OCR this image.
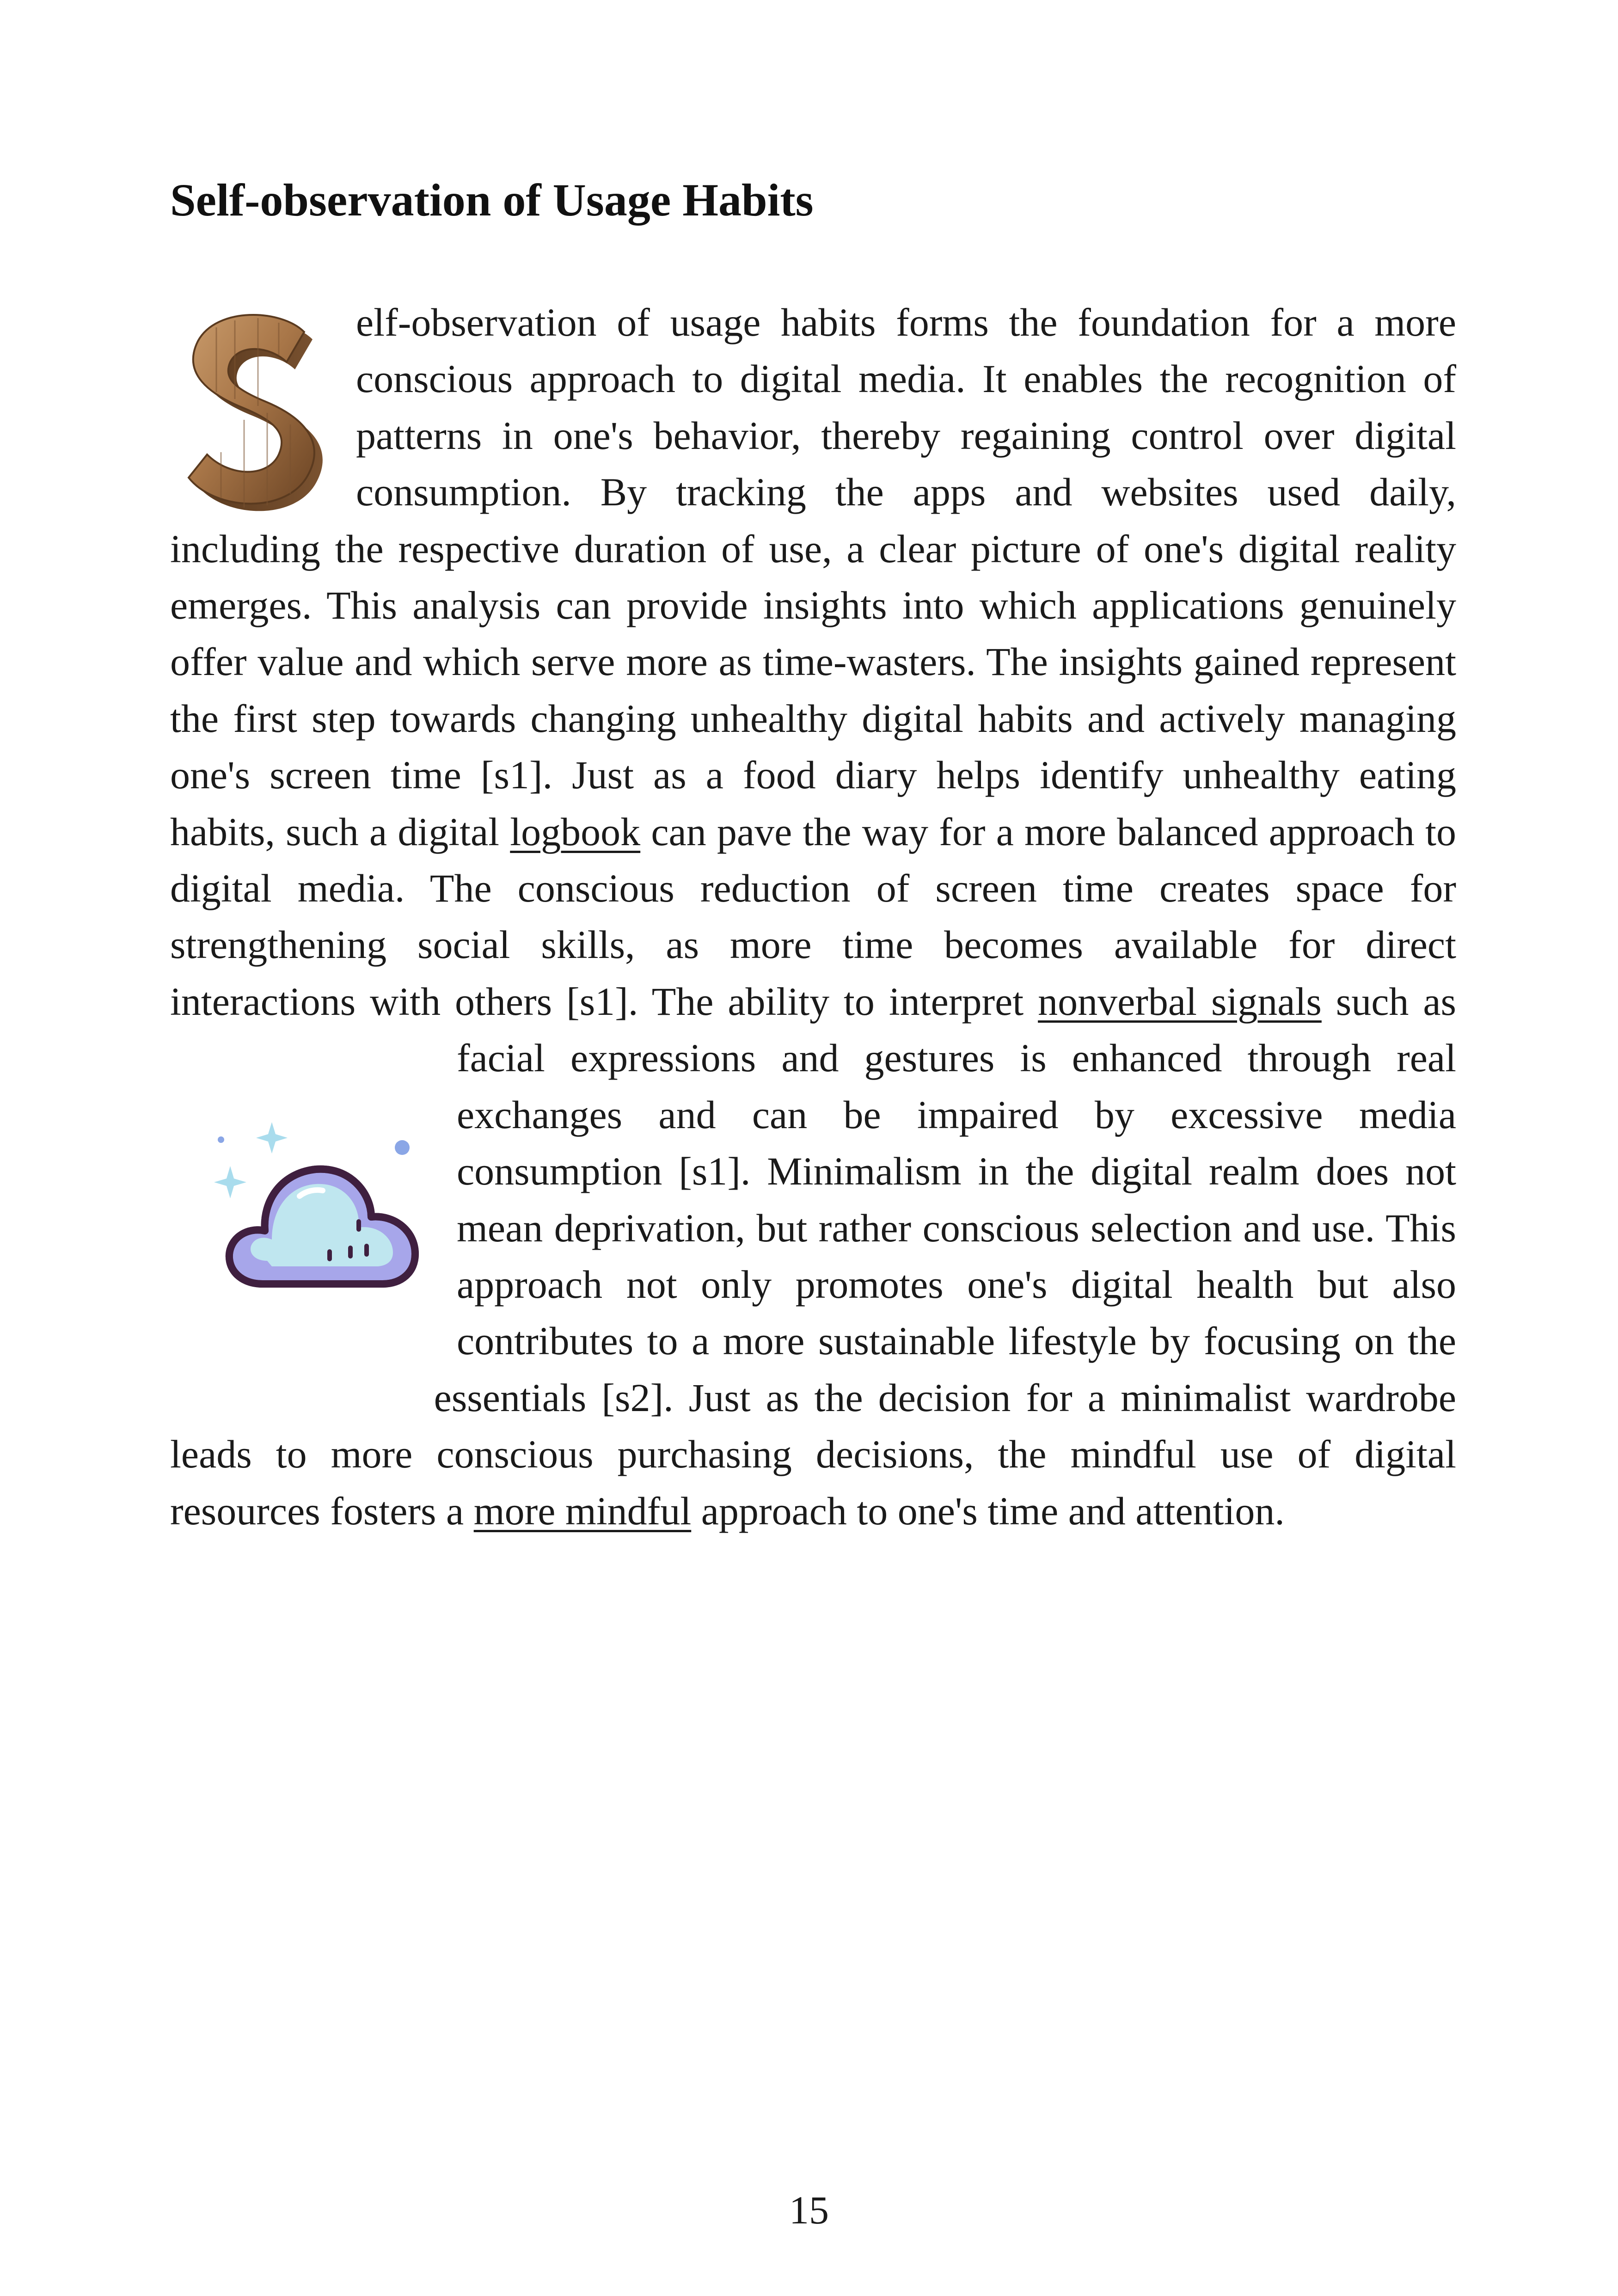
Self-observation of Usage Habits

elf-observation of usage habits forms the foundation for a more conscious approach to digital media. It enables the recognition of patterns in one's behavior, thereby regaining control over digital consumption. By tracking the apps and websites used daily, including the respective duration of use, a clear picture of one's digital reality emerges. This analysis can provide insights into which applications genuinely offer value and which serve more as time-wasters. The insights gained represent the first step towards changing unhealthy digital habits and actively managing one's screen time [s1]. Just as a food diary helps identify unhealthy eating habits, such a digital logbook can pave the way for a more balanced approach to digital media. The conscious reduction of screen time creates space for strengthening social skills, as more time becomes available for direct interactions with others [s1]. The ability to interpret nonverbal signals
such as facial expressions and gestures is enhanced through real exchanges and can be impaired by excessive media consumption [s1]. Minimalism in the digital realm does not mean deprivation, but rather conscious selection and use. This approach not only promotes one's digital health but also contributes to a more sustainable lifestyle by focusing on the essentials [s2]. Just as the decision for a minimalist wardrobe leads to more conscious purchasing decisions, the mindful use of digital resources fosters a more mindful approach to one's time and attention.

15
